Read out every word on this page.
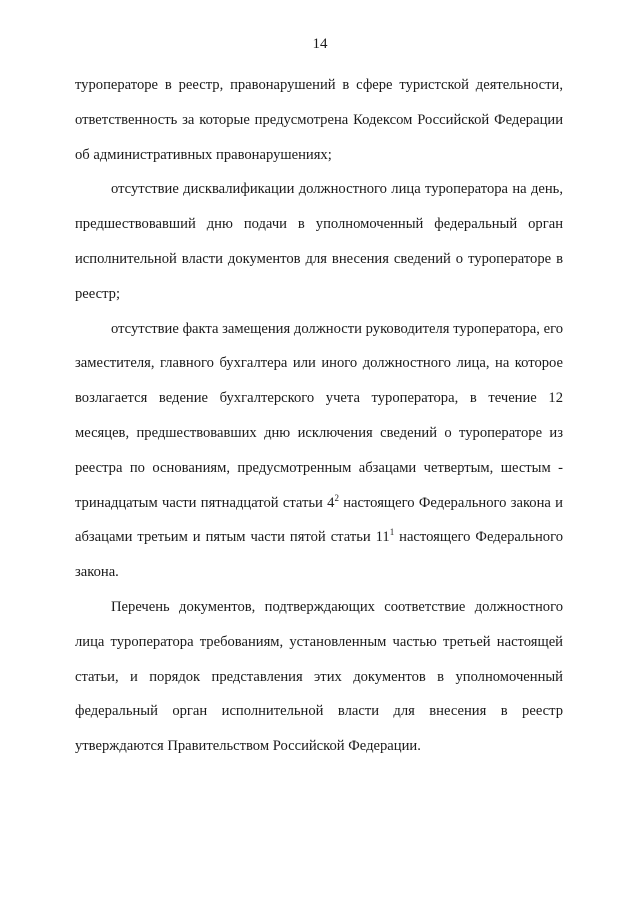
14

туроператоре в реестр, правонарушений в сфере туристской деятельности, ответственность за которые предусмотрена Кодексом Российской Федерации об административных правонарушениях;

отсутствие дисквалификации должностного лица туроператора на день, предшествовавший дню подачи в уполномоченный федеральный орган исполнительной власти документов для внесения сведений о туроператоре в реестр;

отсутствие факта замещения должности руководителя туроператора, его заместителя, главного бухгалтера или иного должностного лица, на которое возлагается ведение бухгалтерского учета туроператора, в течение 12 месяцев, предшествовавших дню исключения сведений о туроператоре из реестра по основаниям, предусмотренным абзацами четвертым, шестым - тринадцатым части пятнадцатой статьи $4^2$ настоящего Федерального закона и абзацами третьим и пятым части пятой статьи $11^1$ настоящего Федерального закона.

Перечень документов, подтверждающих соответствие должностного лица туроператора требованиям, установленным частью третьей настоящей статьи, и порядок представления этих документов в уполномоченный федеральный орган исполнительной власти для внесения в реестр утверждаются Правительством Российской Федерации.
